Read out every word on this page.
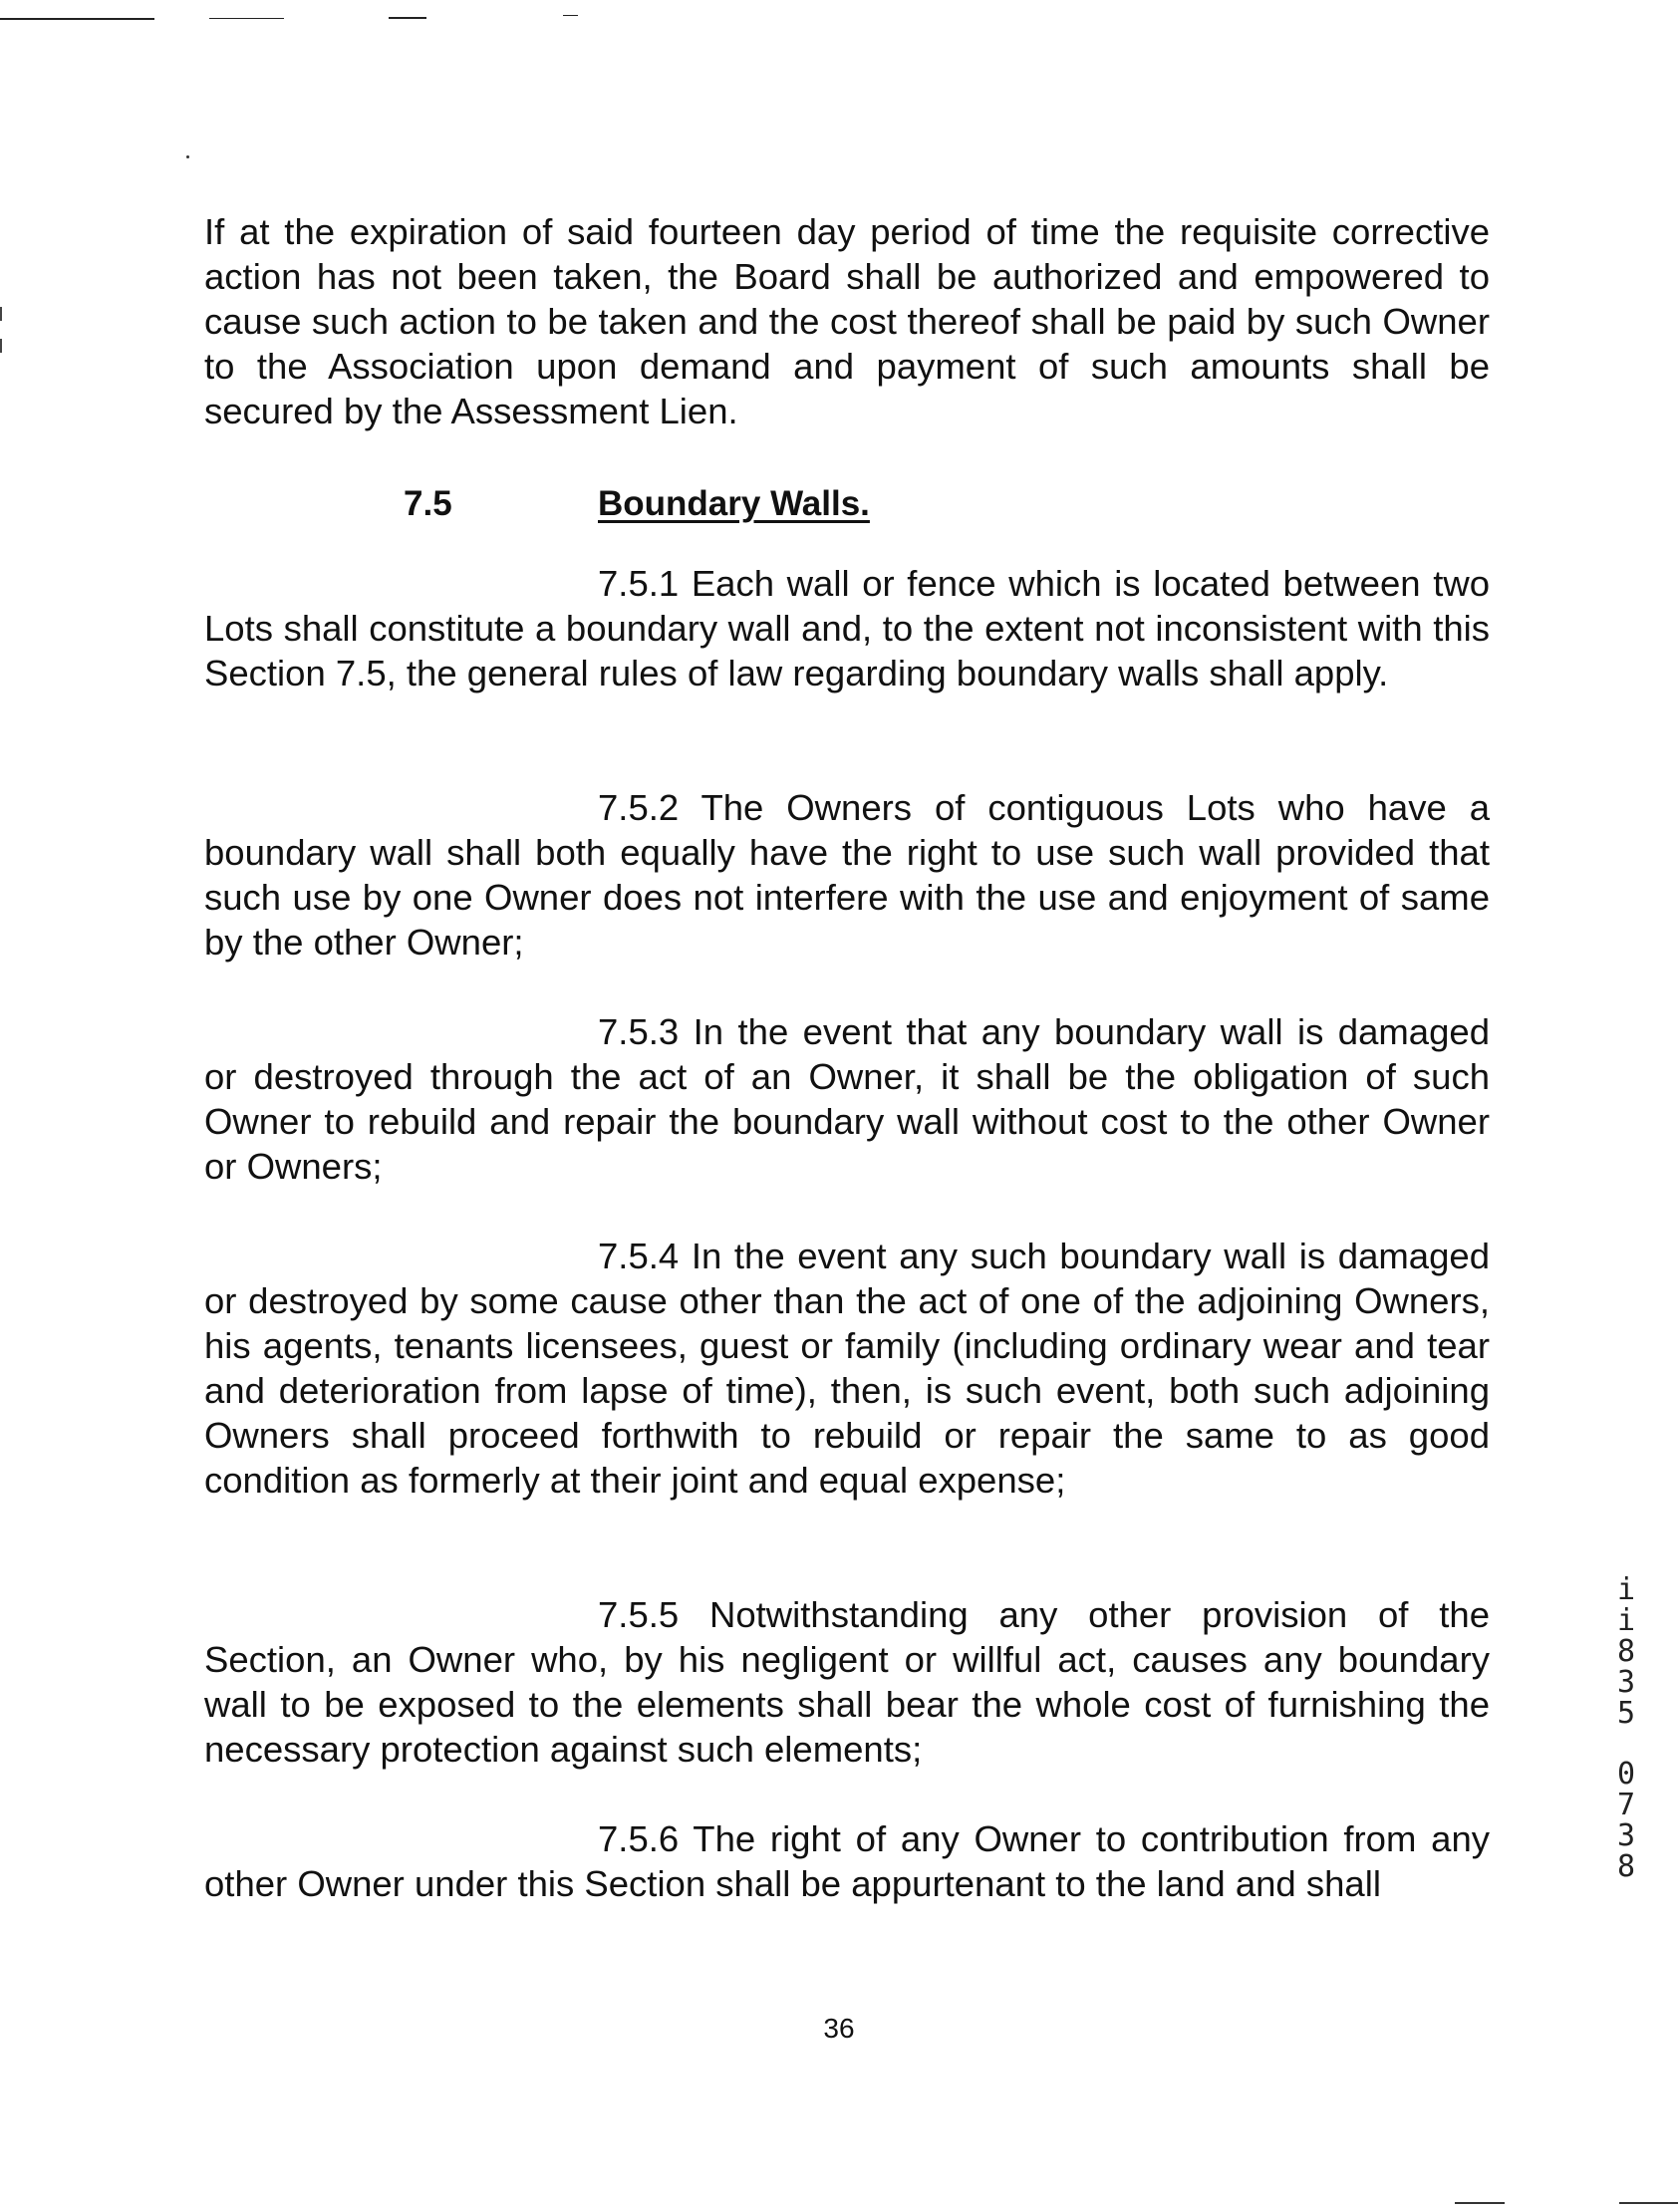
If at the expiration of said fourteen day period of time the requisite corrective action has not been taken, the Board shall be authorized and empowered to cause such action to be taken and the cost thereof shall be paid by such Owner to the Association upon demand and payment of such amounts shall be secured by the Assessment Lien.
7.5	Boundary Walls.
7.5.1 Each wall or fence which is located between two Lots shall constitute a boundary wall and, to the extent not inconsistent with this Section 7.5, the general rules of law regarding boundary walls shall apply.
7.5.2 The Owners of contiguous Lots who have a boundary wall shall both equally have the right to use such wall provided that such use by one Owner does not interfere with the use and enjoyment of same by the other Owner;
7.5.3 In the event that any boundary wall is damaged or destroyed through the act of an Owner, it shall be the obligation of such Owner to rebuild and repair the boundary wall without cost to the other Owner or Owners;
7.5.4 In the event any such boundary wall is damaged or destroyed by some cause other than the act of one of the adjoining Owners, his agents, tenants licensees, guest or family (including ordinary wear and tear and deterioration from lapse of time), then, is such event, both such adjoining Owners shall proceed forthwith to rebuild or repair the same to as good condition as formerly at their joint and equal expense;
7.5.5 Notwithstanding any other provision of the Section, an Owner who, by his negligent or willful act, causes any boundary wall to be exposed to the elements shall bear the whole cost of furnishing the necessary protection against such elements;
7.5.6 The right of any Owner to contribution from any other Owner under this Section shall be appurtenant to the land and shall
36
i
i
8
3
5
0
7
3
8
